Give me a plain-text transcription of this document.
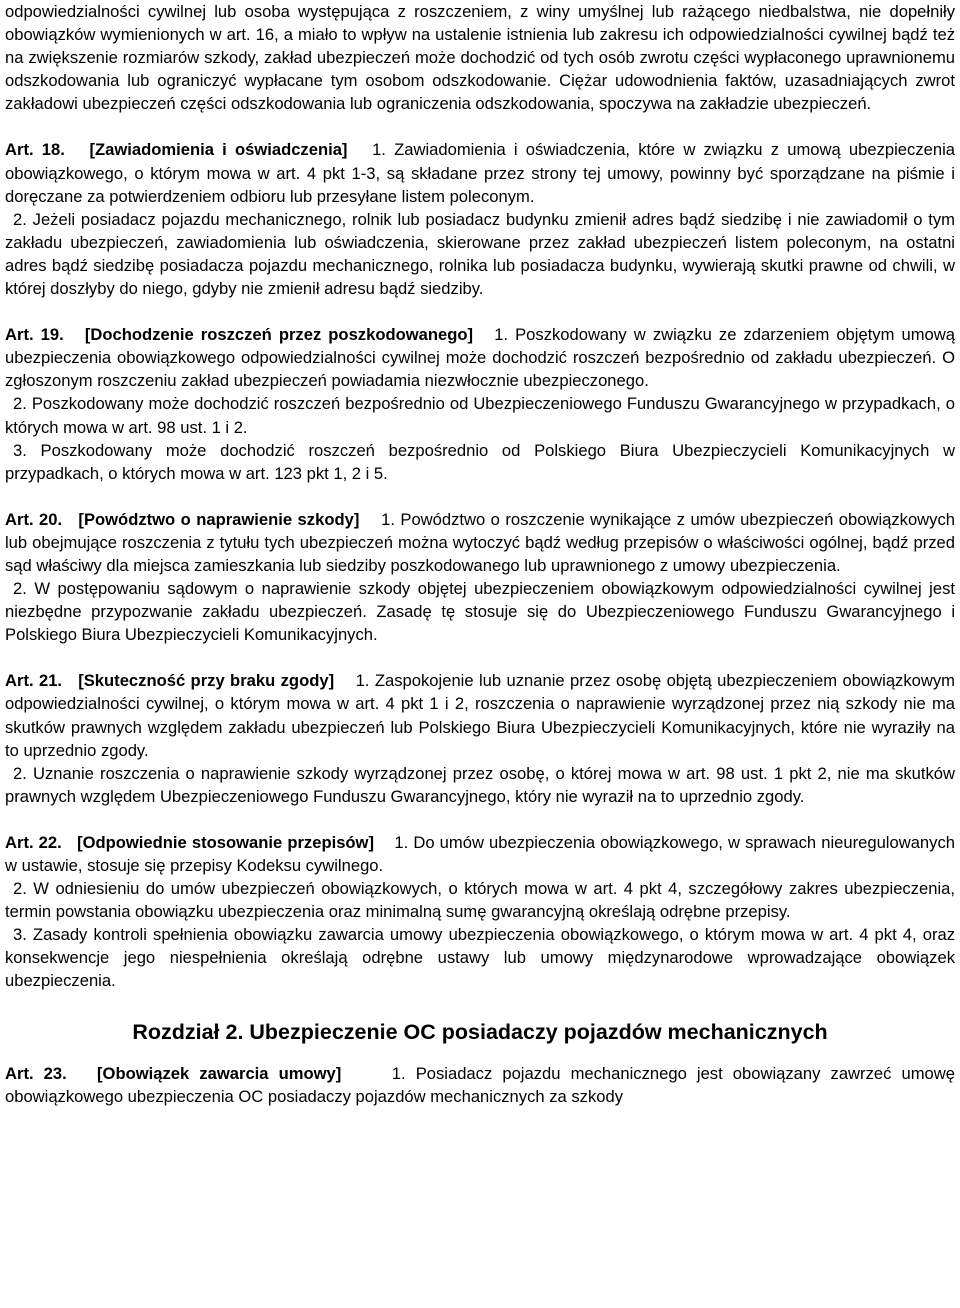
odpowiedzialności cywilnej lub osoba występująca z roszczeniem, z winy umyślnej lub rażącego niedbalstwa, nie dopełniły obowiązków wymienionych w art. 16, a miało to wpływ na ustalenie istnienia lub zakresu ich odpowiedzialności cywilnej bądź też na zwiększenie rozmiarów szkody, zakład ubezpieczeń może dochodzić od tych osób zwrotu części wypłaconego uprawnionemu odszkodowania lub ograniczyć wypłacane tym osobom odszkodowanie. Ciężar udowodnienia faktów, uzasadniających zwrot zakładowi ubezpieczeń części odszkodowania lub ograniczenia odszkodowania, spoczywa na zakładzie ubezpieczeń.

Art. 18. [Zawiadomienia i oświadczenia] 1. Zawiadomienia i oświadczenia, które w związku z umową ubezpieczenia obowiązkowego, o którym mowa w art. 4 pkt 1-3, są składane przez strony tej umowy, powinny być sporządzane na piśmie i doręczane za potwierdzeniem odbioru lub przesyłane listem poleconym.

2. Jeżeli posiadacz pojazdu mechanicznego, rolnik lub posiadacz budynku zmienił adres bądź siedzibę i nie zawiadomił o tym zakładu ubezpieczeń, zawiadomienia lub oświadczenia, skierowane przez zakład ubezpieczeń listem poleconym, na ostatni adres bądź siedzibę posiadacza pojazdu mechanicznego, rolnika lub posiadacza budynku, wywierają skutki prawne od chwili, w której doszłyby do niego, gdyby nie zmienił adresu bądź siedziby.

Art. 19. [Dochodzenie roszczeń przez poszkodowanego] 1. Poszkodowany w związku ze zdarzeniem objętym umową ubezpieczenia obowiązkowego odpowiedzialności cywilnej może dochodzić roszczeń bezpośrednio od zakładu ubezpieczeń. O zgłoszonym roszczeniu zakład ubezpieczeń powiadamia niezwłocznie ubezpieczonego.

2. Poszkodowany może dochodzić roszczeń bezpośrednio od Ubezpieczeniowego Funduszu Gwarancyjnego w przypadkach, o których mowa w art. 98 ust. 1 i 2.

3. Poszkodowany może dochodzić roszczeń bezpośrednio od Polskiego Biura Ubezpieczycieli Komunikacyjnych w przypadkach, o których mowa w art. 123 pkt 1, 2 i 5.

Art. 20. [Powództwo o naprawienie szkody] 1. Powództwo o roszczenie wynikające z umów ubezpieczeń obowiązkowych lub obejmujące roszczenia z tytułu tych ubezpieczeń można wytoczyć bądź według przepisów o właściwości ogólnej, bądź przed sąd właściwy dla miejsca zamieszkania lub siedziby poszkodowanego lub uprawnionego z umowy ubezpieczenia.

2. W postępowaniu sądowym o naprawienie szkody objętej ubezpieczeniem obowiązkowym odpowiedzialności cywilnej jest niezbędne przypozwanie zakładu ubezpieczeń. Zasadę tę stosuje się do Ubezpieczeniowego Funduszu Gwarancyjnego i Polskiego Biura Ubezpieczycieli Komunikacyjnych.

Art. 21. [Skuteczność przy braku zgody] 1. Zaspokojenie lub uznanie przez osobę objętą ubezpieczeniem obowiązkowym odpowiedzialności cywilnej, o którym mowa w art. 4 pkt 1 i 2, roszczenia o naprawienie wyrządzonej przez nią szkody nie ma skutków prawnych względem zakładu ubezpieczeń lub Polskiego Biura Ubezpieczycieli Komunikacyjnych, które nie wyraziły na to uprzednio zgody.

2. Uznanie roszczenia o naprawienie szkody wyrządzonej przez osobę, o której mowa w art. 98 ust. 1 pkt 2, nie ma skutków prawnych względem Ubezpieczeniowego Funduszu Gwarancyjnego, który nie wyraził na to uprzednio zgody.

Art. 22. [Odpowiednie stosowanie przepisów] 1. Do umów ubezpieczenia obowiązkowego, w sprawach nieuregulowanych w ustawie, stosuje się przepisy Kodeksu cywilnego.

2. W odniesieniu do umów ubezpieczeń obowiązkowych, o których mowa w art. 4 pkt 4, szczegółowy zakres ubezpieczenia, termin powstania obowiązku ubezpieczenia oraz minimalną sumę gwarancyjną określają odrębne przepisy.

3. Zasady kontroli spełnienia obowiązku zawarcia umowy ubezpieczenia obowiązkowego, o którym mowa w art. 4 pkt 4, oraz konsekwencje jego niespełnienia określają odrębne ustawy lub umowy międzynarodowe wprowadzające obowiązek ubezpieczenia.

Rozdział 2. Ubezpieczenie OC posiadaczy pojazdów mechanicznych

Art. 23. [Obowiązek zawarcia umowy]	1. Posiadacz pojazdu mechanicznego jest obowiązany zawrzeć umowę obowiązkowego ubezpieczenia OC posiadaczy pojazdów mechanicznych za szkody
